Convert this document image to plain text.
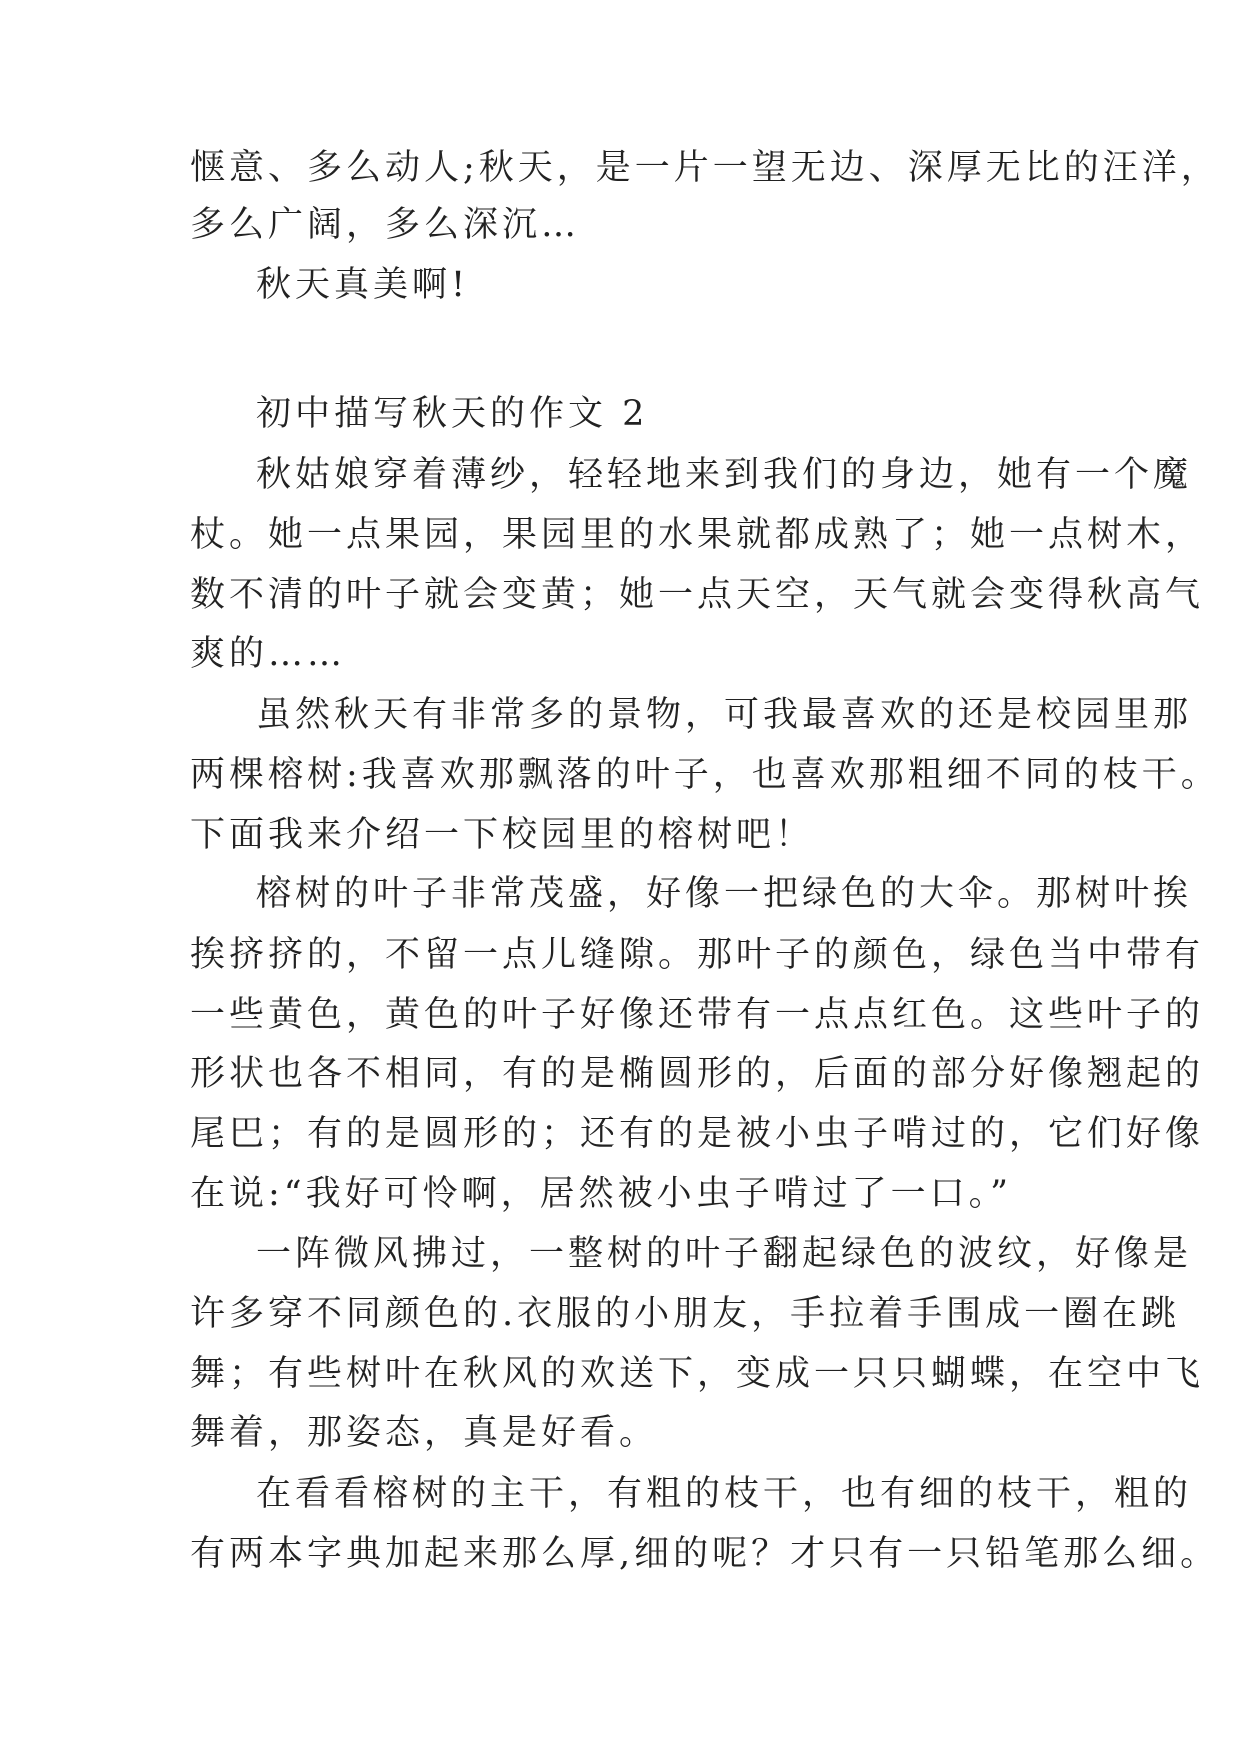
惬意、多么动人;秋天，是一片一望无边、深厚无比的汪洋，
多么广阔，多么深沉…
秋天真美啊!
初中描写秋天的作文 2
秋姑娘穿着薄纱，轻轻地来到我们的身边，她有一个魔
杖。她一点果园，果园里的水果就都成熟了；她一点树木，
数不清的叶子就会变黄；她一点天空，天气就会变得秋高气
爽的……
虽然秋天有非常多的景物，可我最喜欢的还是校园里那
两棵榕树:我喜欢那飘落的叶子，也喜欢那粗细不同的枝干。
下面我来介绍一下校园里的榕树吧！
榕树的叶子非常茂盛，好像一把绿色的大伞。那树叶挨
挨挤挤的，不留一点儿缝隙。那叶子的颜色，绿色当中带有
一些黄色，黄色的叶子好像还带有一点点红色。这些叶子的
形状也各不相同，有的是椭圆形的，后面的部分好像翘起的
尾巴；有的是圆形的；还有的是被小虫子啃过的，它们好像
在说:“我好可怜啊，居然被小虫子啃过了一口。”
一阵微风拂过，一整树的叶子翻起绿色的波纹，好像是
许多穿不同颜色的.衣服的小朋友，手拉着手围成一圈在跳
舞；有些树叶在秋风的欢送下，变成一只只蝴蝶，在空中飞
舞着，那姿态，真是好看。
在看看榕树的主干，有粗的枝干，也有细的枝干，粗的
有两本字典加起来那么厚,细的呢？才只有一只铅笔那么细。
